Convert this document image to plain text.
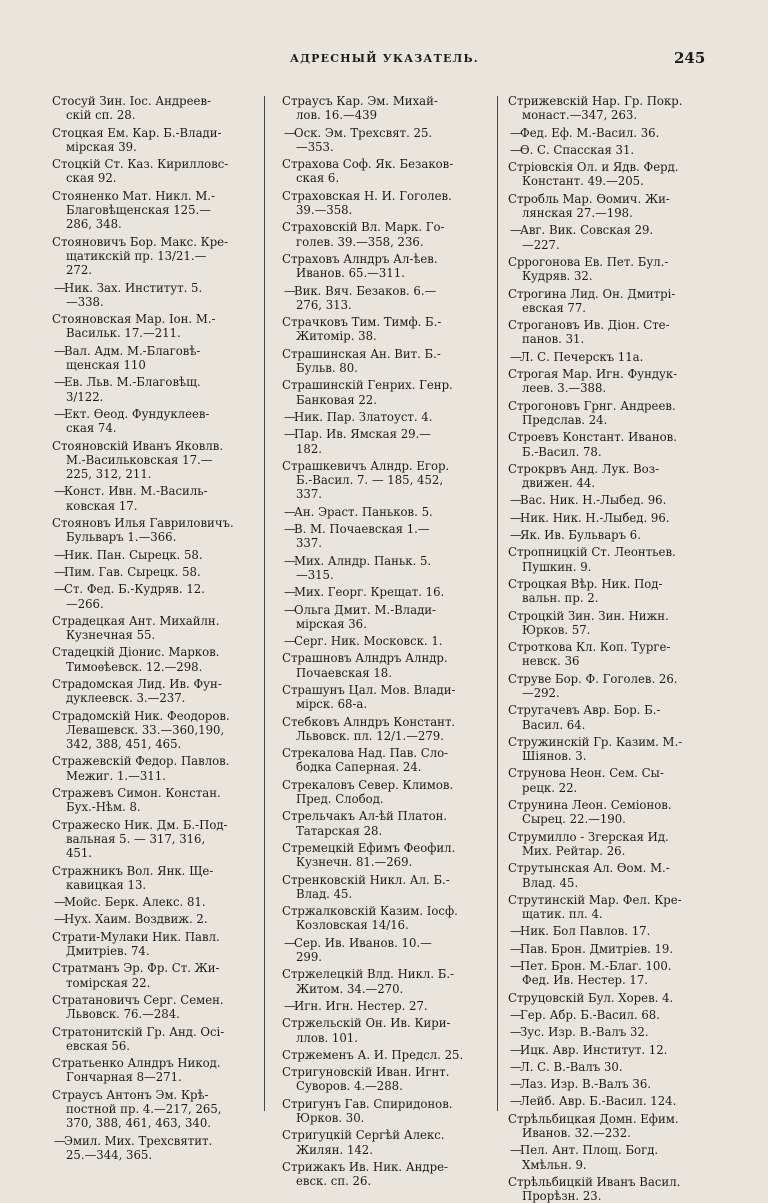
АДРЕСНЫЙ УКАЗАТЕЛЬ.	245
Стосуй Зин. Іос. Андреев-
скій сп. 28.
Стоцкая Ем. Кар. Б.-Влади-
мірская 39.
Стоцкій Ст. Каз. Кирилловс-
ская 92.
Стояненко Мат. Никл. М.-
Благовѣщенская 125.—
286, 348.
Стояновичъ Бор. Макс. Кре-
щатикскій пр. 13/21.—
272.
—Ник. Зах. Институт. 5.
—338.
Стояновская Мар. Іон. М.-
Васильк. 17.—211.
—Вал. Адм. М.-Благовѣ-
щенская 110
—Ев. Льв. М.-Благовѣщ.
3/122.
—Ект. Ѳеод. Фундуклеев-
ская 74.
Стояновскій Иванъ Яковлв.
М.-Васильковская 17.—
225, 312, 211.
—Конст. Ивн. М.-Василь-
ковская 17.
Стояновъ Илья Гавриловичъ.
Бульваръ 1.—366.
—Ник. Пан. Сырецк. 58.
—Пим. Гав. Сырецк. 58.
—Ст. Фед. Б.-Кудряв. 12.
—266.
Страдецкая Ант. Михайлн.
Кузнечная 55.
Стадецкій Діонис. Марков.
Тимоѳѣевск. 12.—298.
Страдомская Лид. Ив. Фун-
дуклеевск. 3.—237.
Страдомскій Ник. Феодоров.
Левашевск. 33.—360,190,
342, 388, 451, 465.
Стражевскій Федор. Павлов.
Межиг. 1.—311.
Стражевъ Симон. Констан.
Бух.-Нѣм. 8.
Стражеско Ник. Дм. Б.-Под-
вальная 5. — 317, 316,
451.
Стражникъ Вол. Янк. Ще-
кавицкая 13.
—Мойс. Берк. Алекс. 81.
—Нух. Хаим. Воздвиж. 2.
Страти-Мулаки Ник. Павл.
Дмитріев. 74.
Стратманъ Эр. Фр. Ст. Жи-
томірская 22.
Стратановичъ Серг. Семен.
Львовск. 76.—284.
Стратонитскій Гр. Анд. Осі-
евская 56.
Стратьенко Алндръ Никод.
Гончарная 8—271.
Страусъ Антонъ Эм. Крѣ-
постной пр. 4.—217, 265,
370, 388, 461, 463, 340.
—Эмил. Мих. Трехсвятит.
25.—344, 365.
Страусъ Кар. Эм. Михай-
лов. 16.—439
—Оск. Эм. Трехсвят. 25.
—353.
Страхова Соф. Як. Безаков-
ская 6.
Страховская Н. И. Гоголев.
39.—358.
Страховскій Вл. Марк. Го-
голев. 39.—358, 236.
Страховъ Алндръ Ал-ѣев.
Иванов. 65.—311.
—Вик. Вяч. Безаков. 6.—
276, 313.
Страчковъ Тим. Тимф. Б.-
Житомір. 38.
Страшинская Ан. Вит. Б.-
Бульв. 80.
Страшинскій Генрих. Генр.
Банковая 22.
—Ник. Пар. Златоуст. 4.
—Пар. Ив. Ямская 29.—
182.
Страшкевичъ Алндр. Егор.
Б.-Васил. 7. — 185, 452,
337.
—Ан. Эраст. Паньков. 5.
—В. М. Почаевская 1.—
337.
—Мих. Алндр. Паньк. 5.
—315.
—Мих. Георг. Крещат. 16.
—Ольга Дмит. М.-Влади-
мірская 36.
—Серг. Ник. Московск. 1.
Страшновъ Алндръ Алндр.
Почаевская 18.
Страшунъ Цал. Мов. Влади-
мірск. 68-а.
Стебковъ Алндръ Констант.
Львовск. пл. 12/1.—279.
Стрекалова Над. Пав. Сло-
бодка Саперная. 24.
Стрекаловъ Север. Климов.
Пред. Слобод.
Стрельчакъ Ал-ѣй Платон.
Татарская 28.
Стремецкій Ефимъ Феофил.
Кузнечн. 81.—269.
Стренковскій Никл. Ал. Б.-
Влад. 45.
Стржалковскій Казим. Іосф.
Козловская 14/16.
—Сер. Ив. Иванов. 10.—
299.
Стржелецкій Влд. Никл. Б.-
Житом. 34.—270.
—Игн. Игн. Нестер. 27.
Стржельскій Он. Ив. Кири-
ллов. 101.
Стржеменъ А. И. Предсл. 25.
Стригуновскій Иван. Игнт.
Суворов. 4.—288.
Стригунъ Гав. Спиридонов.
Юрков. 30.
Стригуцкій Сергѣй Алекс.
Жилян. 142.
Стрижакъ Ив. Ник. Андре-
евск. сп. 26.
Стрижевскій Нар. Гр. Покр.
монаст.—347, 263.
—Фед. Еф. М.-Васил. 36.
—Ѳ. С. Спасская 31.
Стріовскія Ол. и Ядв. Ферд.
Констант. 49.—205.
Стробль Мар. Ѳомич. Жи-
лянская 27.—198.
—Авг. Вик. Совская 29.
—227.
Сррогонова Ев. Пет. Бул.-
Кудряв. 32.
Строгина Лид. Он. Дмитрі-
евская 77.
Строгановъ Ив. Діон. Сте-
панов. 31.
—Л. С. Печерскъ 11а.
Строгая Мар. Игн. Фундук-
леев. 3.—388.
Строгоновъ Грнг. Андреев.
Предслав. 24.
Строевъ Констант. Иванов.
Б.-Васил. 78.
Строкрвъ Анд. Лук. Воз-
движен. 44.
—Вас. Ник. Н.-Лыбед. 96.
—Ник. Ник. Н.-Лыбед. 96.
—Як. Ив. Бульваръ 6.
Стропницкій Ст. Леонтьев.
Пушкин. 9.
Строцкая Вѣр. Ник. Под-
вальн. пр. 2.
Строцкій Зин. Зин. Нижн.
Юрков. 57.
Строткова Кл. Коп. Турге-
невск. 36
Струве Бор. Ф. Гоголев. 26.
—292.
Стругачевъ Авр. Бор. Б.-
Васил. 64.
Стружинскій Гр. Казим. М.-
Шіянов. 3.
Струнова Неон. Сем. Сы-
рецк. 22.
Струнина Леон. Семіонов.
Сырец. 22.—190.
Струмилло - Згерская Ид.
Мих. Рейтар. 26.
Струтынская Ал. Ѳом. М.-
Влад. 45.
Струтинскій Мар. Фел. Кре-
щатик. пл. 4.
—Ник. Бол Павлов. 17.
—Пав. Брон. Дмитріев. 19.
—Пет. Брон. М.-Благ. 100.
Фед. Ив. Нестер. 17.
Струцовскій Бул. Хорев. 4.
—Гер. Абр. Б.-Васил. 68.
—Зус. Изр. В.-Валъ 32.
—Ицк. Авр. Институт. 12.
—Л. С. В.-Валъ 30.
—Лаз. Изр. В.-Валъ 36.
—Лейб. Авр. Б.-Васил. 124.
Стрѣльбицкая Домн. Ефим.
Иванов. 32.—232.
—Пел. Ант. Площ. Богд.
Хмѣльн. 9.
Стрѣльбицкій Иванъ Васил.
Прорѣзн. 23.
